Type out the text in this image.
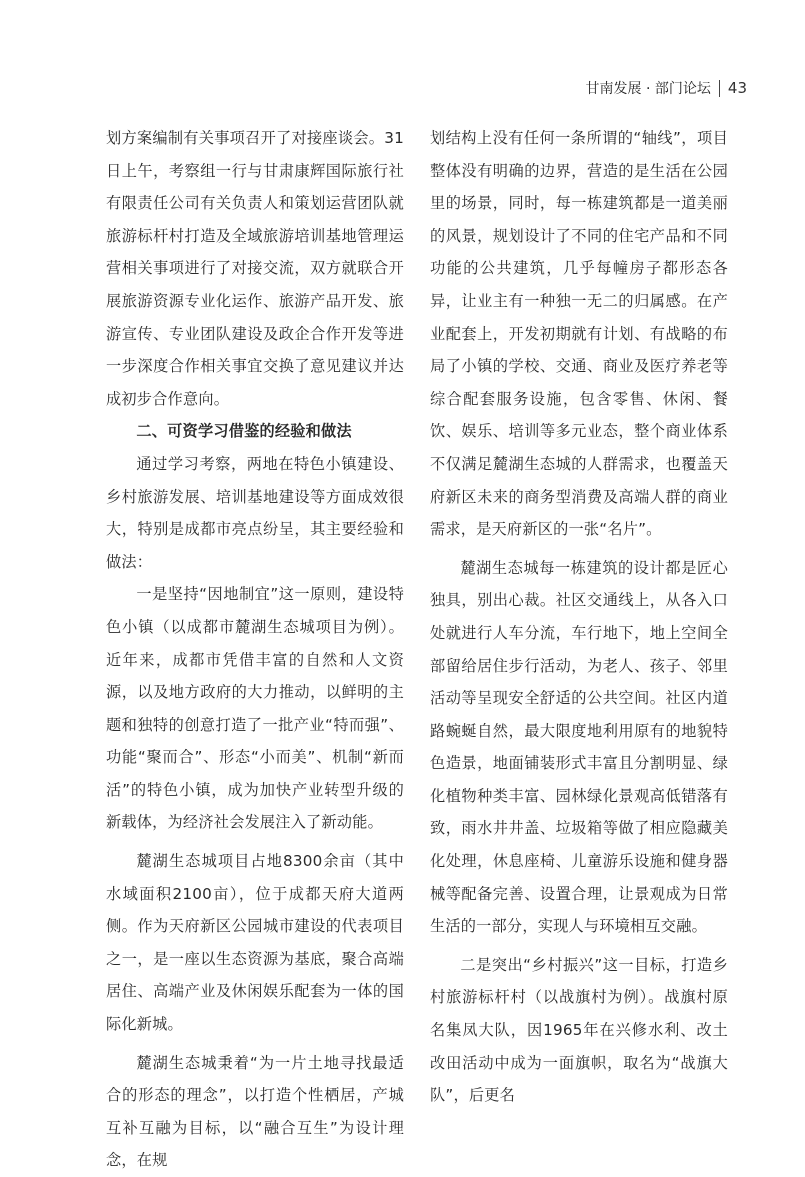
甘南发展 · 部门论坛 43

划方案编制有关事项召开了对接座谈会。31日上午，考察组一行与甘肃康辉国际旅行社有限责任公司有关负责人和策划运营团队就旅游标杆村打造及全域旅游培训基地管理运营相关事项进行了对接交流，双方就联合开展旅游资源专业化运作、旅游产品开发、旅游宣传、专业团队建设及政企合作开发等进一步深度合作相关事宜交换了意见建议并达成初步合作意向。

二、可资学习借鉴的经验和做法

通过学习考察，两地在特色小镇建设、乡村旅游发展、培训基地建设等方面成效很大，特别是成都市亮点纷呈，其主要经验和做法：

一是坚持“因地制宜”这一原则，建设特色小镇（以成都市麓湖生态城项目为例）。近年来，成都市凭借丰富的自然和人文资源，以及地方政府的大力推动，以鲜明的主题和独特的创意打造了一批产业“特而强”、功能“聚而合”、形态“小而美”、机制“新而活”的特色小镇，成为加快产业转型升级的新载体，为经济社会发展注入了新动能。

麓湖生态城项目占地8300余亩（其中水域面积2100亩），位于成都天府大道两侧。作为天府新区公园城市建设的代表项目之一，是一座以生态资源为基底，聚合高端居住、高端产业及休闲娱乐配套为一体的国际化新城。

麓湖生态城秉着“为一片土地寻找最适合的形态的理念”，以打造个性栖居，产城互补互融为目标，以“融合互生”为设计理念，在规

划结构上没有任何一条所谓的“轴线”，项目整体没有明确的边界，营造的是生活在公园里的场景，同时，每一栋建筑都是一道美丽的风景，规划设计了不同的住宅产品和不同功能的公共建筑，几乎每幢房子都形态各异，让业主有一种独一无二的归属感。在产业配套上，开发初期就有计划、有战略的布局了小镇的学校、交通、商业及医疗养老等综合配套服务设施，包含零售、休闲、餐饮、娱乐、培训等多元业态，整个商业体系不仅满足麓湖生态城的人群需求，也覆盖天府新区未来的商务型消费及高端人群的商业需求，是天府新区的一张“名片”。

麓湖生态城每一栋建筑的设计都是匠心独具，别出心裁。社区交通线上，从各入口处就进行人车分流，车行地下，地上空间全部留给居住步行活动，为老人、孩子、邻里活动等呈现安全舒适的公共空间。社区内道路蜿蜒自然，最大限度地利用原有的地貌特色造景，地面铺装形式丰富且分割明显、绿化植物种类丰富、园林绿化景观高低错落有致，雨水井井盖、垃圾箱等做了相应隐藏美化处理，休息座椅、儿童游乐设施和健身器械等配备完善、设置合理，让景观成为日常生活的一部分，实现人与环境相互交融。

二是突出“乡村振兴”这一目标，打造乡村旅游标杆村（以战旗村为例）。战旗村原名集凤大队，因1965年在兴修水利、改土改田活动中成为一面旗帜，取名为“战旗大队”，后更名
